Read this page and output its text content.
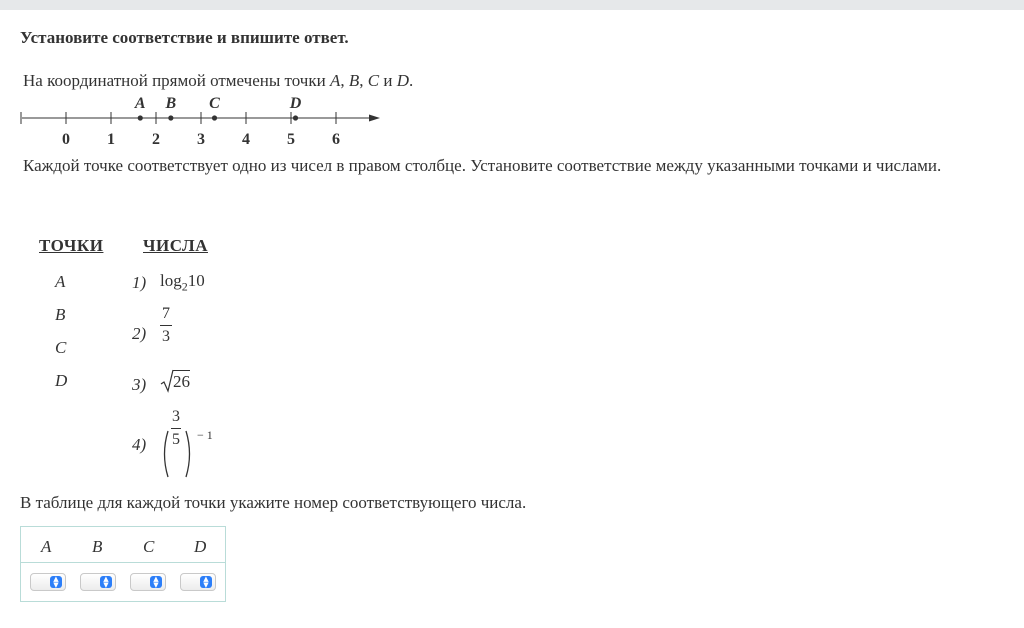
Установите соответствие и впишите ответ.
На координатной прямой отмечены точки A, B, C и D.
0 1 2 3 4 5 6
A B C	D
Каждой точке соответствует одно из чисел в правом столбце. Установите соответствие между указанными точками и числами.
ТОЧКИ ЧИСЛА
A
B
C
D
1) $\log_210$
2)
7
3
3) 26
4)
3
5 − 1
В таблице для каждой точки укажите номер соответствующего числа.
A B C D
▲
▼
▲
▼
▲
▼
▲
▼
